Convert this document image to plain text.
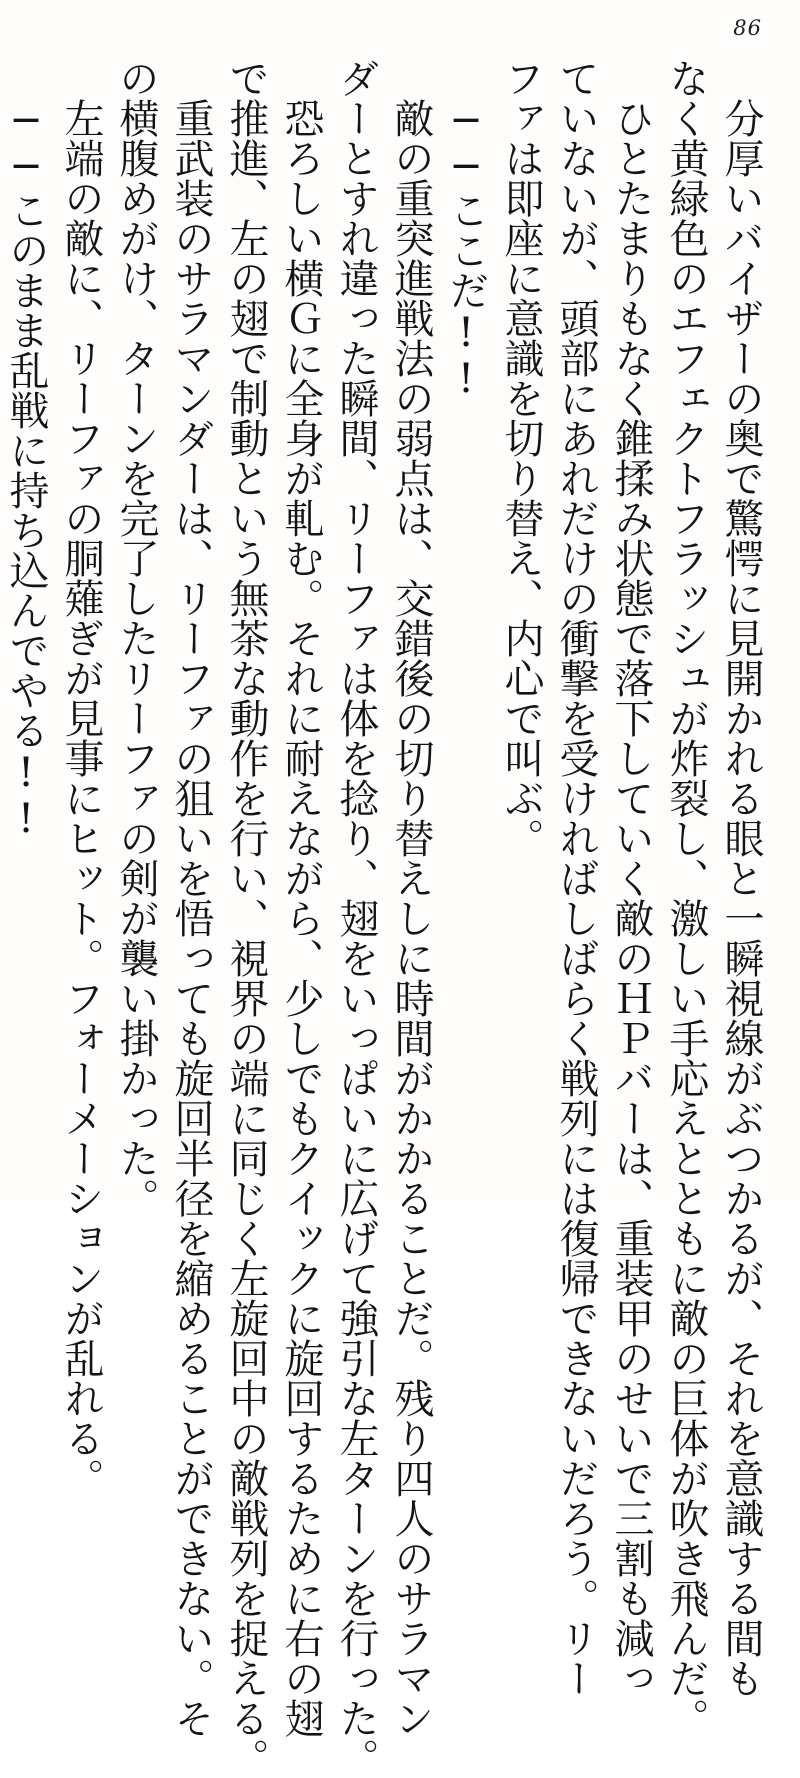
86
　分厚いバイザーの奥で驚愕に見開かれる眼と一瞬視線がぶつかるが、それを意識する間も
なく黄緑色のエフェクトフラッシュが炸裂し、激しい手応えとともに敵の巨体が吹き飛んだ。
　ひとたまりもなく錐揉み状態で落下していく敵のＨＰバーは、重装甲のせいで三割も減っ
ていないが、頭部にあれだけの衝撃を受ければしばらく戦列には復帰できないだろう。リー
ファは即座に意識を切り替え、内心で叫ぶ。
　──ここだ!!
　敵の重突進戦法の弱点は、交錯後の切り替えしに時間がかかることだ。残り四人のサラマン
ダーとすれ違った瞬間、リーファは体を捻り、翅をいっぱいに広げて強引な左ターンを行った。
　恐ろしい横Ｇに全身が軋む。それに耐えながら、少しでもクイックに旋回するために右の翅
で推進、左の翅で制動という無茶な動作を行い、視界の端に同じく左旋回中の敵戦列を捉える。
　重武装のサラマンダーは、リーファの狙いを悟っても旋回半径を縮めることができない。そ
の横腹めがけ、ターンを完了したリーファの剣が襲い掛かった。
　左端の敵に、リーファの胴薙ぎが見事にヒット。フォーメーションが乱れる。
　──このまま乱戦に持ち込んでやる!!
